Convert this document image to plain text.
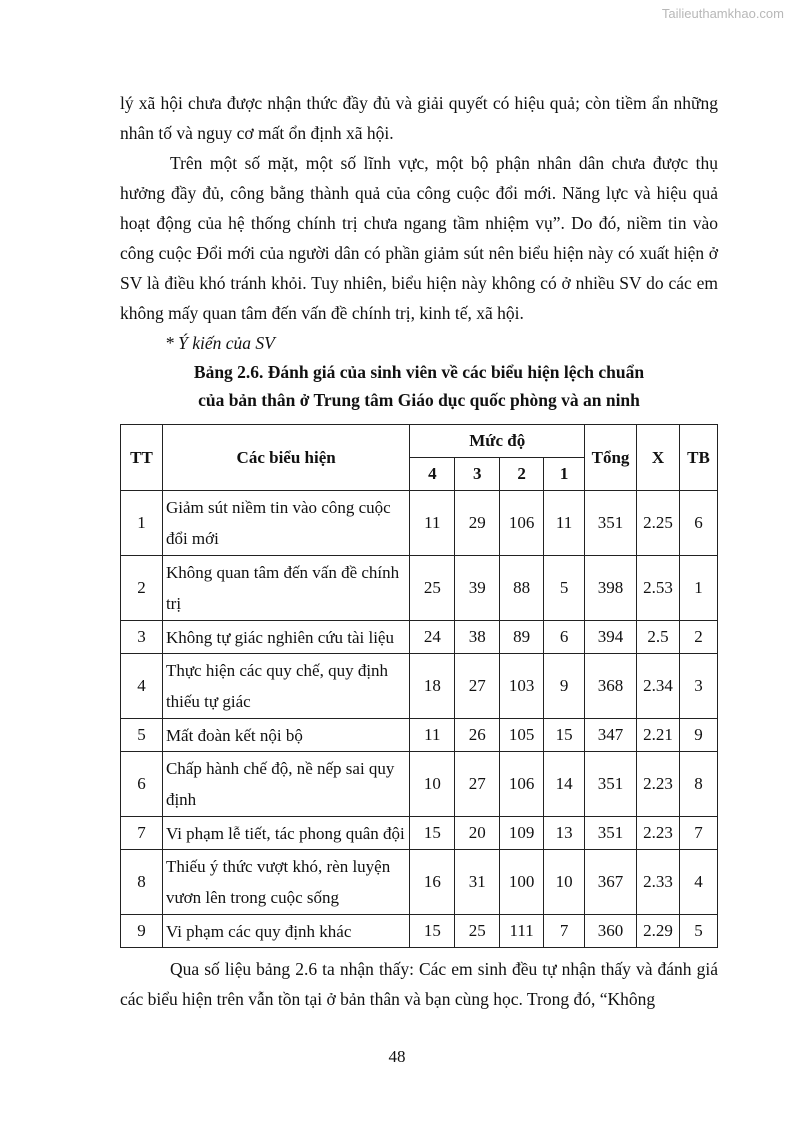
Tailieuthamkhao.com

lý xã hội chưa được nhận thức đầy đủ và giải quyết có hiệu quả; còn tiềm ẩn những nhân tố và nguy cơ mất ổn định xã hội.

Trên một số mặt, một số lĩnh vực, một bộ phận nhân dân chưa được thụ hưởng đầy đủ, công bằng thành quả của công cuộc đổi mới. Năng lực và hiệu quả hoạt động của hệ thống chính trị chưa ngang tầm nhiệm vụ”. Do đó, niềm tin vào công cuộc Đổi mới của người dân có phần giảm sút nên biểu hiện này có xuất hiện ở SV là điều khó tránh khỏi. Tuy nhiên, biểu hiện này không có ở nhiều SV do các em không mấy quan tâm đến vấn đề chính trị, kinh tế, xã hội.

* Ý kiến của SV

Bảng 2.6. Đánh giá của sinh viên về các biểu hiện lệch chuẩn

của bản thân ở Trung tâm Giáo dục quốc phòng và an ninh

TT	Các biểu hiện	Mức độ				Tổng	X	TB
		4	3	2	1			
1	Giảm sút niềm tin vào công cuộc đổi mới	11	29	106	11	351	2.25	6
2	Không quan tâm đến vấn đề chính trị	25	39	88	5	398	2.53	1
3	Không tự giác nghiên cứu tài liệu	24	38	89	6	394	2.5	2
4	Thực hiện các quy chế, quy định thiếu tự giác	18	27	103	9	368	2.34	3
5	Mất đoàn kết nội bộ	11	26	105	15	347	2.21	9
6	Chấp hành chế độ, nề nếp sai quy định	10	27	106	14	351	2.23	8
7	Vi phạm lễ tiết, tác phong quân đội	15	20	109	13	351	2.23	7
8	Thiếu ý thức vượt khó, rèn luyện vươn lên trong cuộc sống	16	31	100	10	367	2.33	4
9	Vi phạm các quy định khác	15	25	111	7	360	2.29	5

Qua số liệu bảng 2.6 ta nhận thấy: Các em sinh đều tự nhận thấy và đánh giá các biểu hiện trên vẫn tồn tại ở bản thân và bạn cùng học. Trong đó, “Không

48
